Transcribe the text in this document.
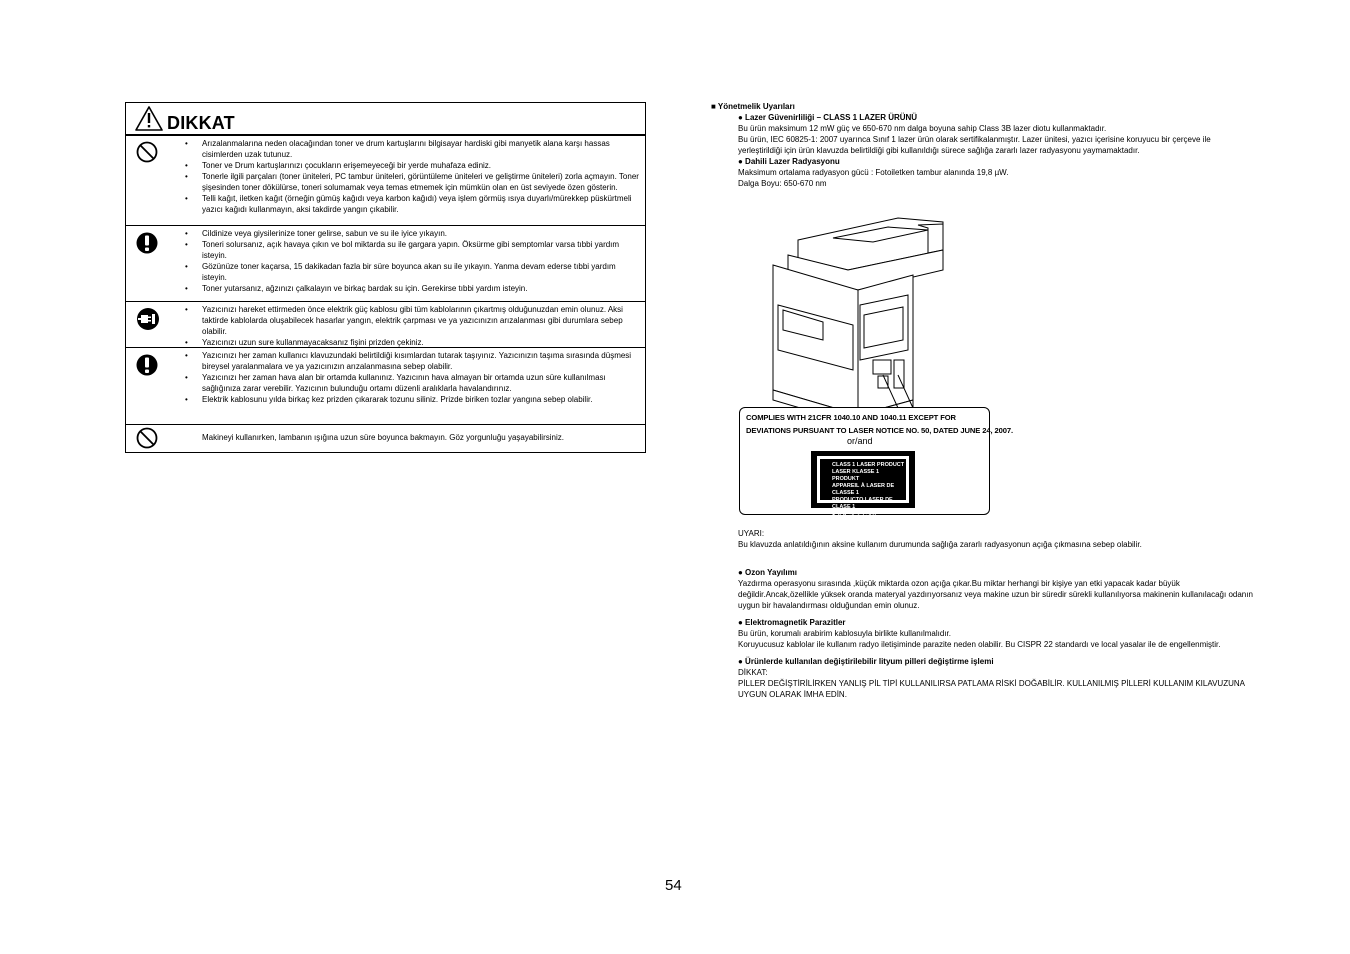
DIKKAT
• Arızalanmalarına neden olacağından toner ve drum kartuşlarını bilgisayar hardiski gibi manyetik alana karşı hassas cisimlerden uzak tutunuz.
• Toner ve Drum kartuşlarınızı çocukların erişemeyeceği bir yerde muhafaza ediniz.
• Tonerle ilgili parçaları (toner üniteleri, PC tambur üniteleri, görüntüleme üniteleri ve geliştirme üniteleri) zorla açmayın. Toner şişesinden toner dökülürse, toneri solumamak veya temas etmemek için mümkün olan en üst seviyede özen gösterin.
• Telli kağıt, iletken kağıt (örneğin gümüş kağıdı veya karbon kağıdı) veya işlem görmüş ısıya duyarlı/mürekkep püskürtmeli yazıcı kağıdı kullanmayın, aksi takdirde yangın çıkabilir.
• Cildinize veya giysilerinize toner gelirse, sabun ve su ile iyice yıkayın.
• Toneri solursanız, açık havaya çıkın ve bol miktarda su ile gargara yapın. Öksürme gibi semptomlar varsa tıbbi yardım isteyin.
• Gözünüze toner kaçarsa, 15 dakikadan fazla bir süre boyunca akan su ile yıkayın. Yanma devam ederse tıbbi yardım isteyin.
• Toner yutarsanız, ağzınızı çalkalayın ve birkaç bardak su için. Gerekirse tıbbi yardım isteyin.
• Yazıcınızı hareket ettirmeden önce elektrik güç kablosu gibi tüm kablolarının çıkartmış olduğunuzdan emin olunuz. Aksi taktirde kablolarda oluşabilecek hasarlar yangın, elektrik çarpması ve ya yazıcınızın arızalanması gibi durumlara sebep olabilir.
• Yazıcınızı uzun sure kullanmayacaksanız fişini prizden çekiniz.
• Yazıcınızı her zaman kullanıcı klavuzundaki belirtildiği kısımlardan tutarak taşıyınız. Yazıcınızın taşıma sırasında düşmesi bireysel yaralanmalara ve ya yazıcınızın arızalanmasına sebep olabilir.
• Yazıcınızı her zaman hava alan bir ortamda kullanınız. Yazıcının hava almayan bir ortamda uzun süre kullanılması sağlığınıza zarar verebilir. Yazıcının bulunduğu ortamı düzenli aralıklarla havalandırınız.
• Elektrik kablosunu yılda birkaç kez prizden çıkararak tozunu siliniz. Prizde biriken tozlar yangına sebep olabilir.
Makineyi kullanırken, lambanın ışığına uzun süre boyunca bakmayın. Göz yorgunluğu yaşayabilirsiniz.
■ Yönetmelik Uyarıları
● Lazer Güvenirliliği – CLASS 1 LAZER ÜRÜNÜ
Bu ürün maksimum 12 mW güç ve 650-670 nm dalga boyuna sahip Class 3B lazer diotu kullanmaktadır.
Bu ürün, IEC 60825-1: 2007 uyarınca Sınıf 1 lazer ürün olarak sertifikalanmıştır. Lazer ünitesi, yazıcı içerisine koruyucu bir çerçeve ile yerleştirildiği için ürün klavuzda belirtildiği gibi kullanıldığı sürece sağlığa zararlı lazer radyasyonu yaymamaktadır.
● Dahili Lazer Radyasyonu
Maksimum ortalama radyasyon gücü : Fotoiletken tambur alanında 19,8 µW.
Dalga Boyu: 650-670 nm
COMPLIES WITH 21CFR 1040.10 AND 1040.11 EXCEPT FOR
DEVIATIONS PURSUANT TO LASER NOTICE NO. 50, DATED JUNE 24, 2007.
or/and
CLASS 1 LASER PRODUCT
LASER KLASSE 1 PRODUKT
APPAREIL À LASER DE CLASSE 1
PRODUCTO LASER DE CLASE 1
1 등급 레이저 제품
UYARI:
Bu klavuzda anlatıldığının aksine kullanım durumunda sağlığa zararlı radyasyonun açığa çıkmasına sebep olabilir.
● Ozon Yayılımı
Yazdırma operasyonu sırasında ,küçük miktarda ozon açığa çıkar.Bu miktar herhangi bir kişiye yan etki yapacak kadar büyük değildir.Ancak,özellikle yüksek oranda materyal yazdırıyorsanız veya makine uzun bir süredir sürekli kullanılıyorsa makinenin kullanılacağı odanın uygun bir havalandırması olduğundan emin olunuz.
● Elektromagnetik Parazitler
Bu ürün, korumalı arabirim kablosuyla birlikte kullanılmalıdır.
Koruyucusuz kablolar ile kullanım radyo iletişiminde parazite neden olabilir. Bu CISPR 22 standardı ve local yasalar ile de engellenmiştir.
● Ürünlerde kullanılan değiştirilebilir lityum pilleri değiştirme işlemi
DİKKAT:
PİLLER DEĞİŞTİRİLİRKEN YANLIŞ PİL TİPİ KULLANILIRSA PATLAMA RİSKİ DOĞABİLİR. KULLANILMIŞ PİLLERİ KULLANIM KILAVUZUNA UYGUN OLARAK İMHA EDİN.
54
